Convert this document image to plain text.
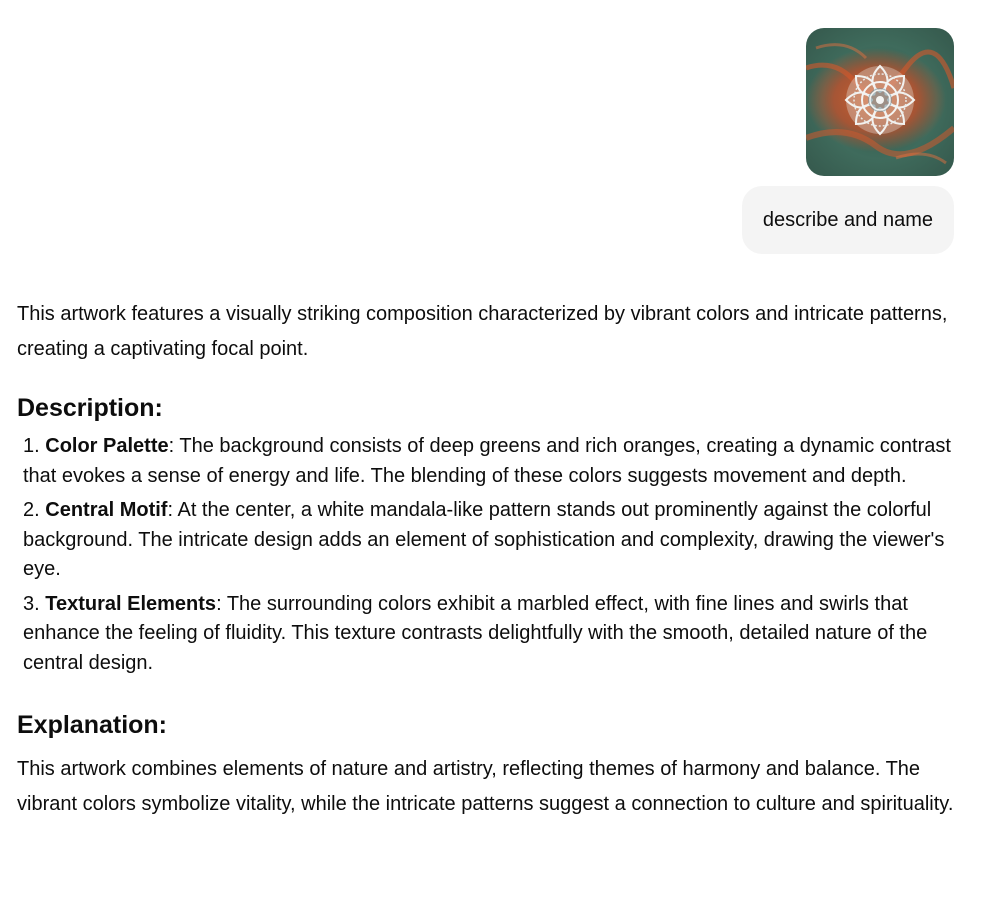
describe and name

This artwork features a visually striking composition characterized by vibrant colors and intricate patterns, creating a captivating focal point.

Description:
1. Color Palette: The background consists of deep greens and rich oranges, creating a dynamic contrast that evokes a sense of energy and life. The blending of these colors suggests movement and depth.
2. Central Motif: At the center, a white mandala-like pattern stands out prominently against the colorful background. The intricate design adds an element of sophistication and complexity, drawing the viewer's eye.
3. Textural Elements: The surrounding colors exhibit a marbled effect, with fine lines and swirls that enhance the feeling of fluidity. This texture contrasts delightfully with the smooth, detailed nature of the central design.
Explanation:

This artwork combines elements of nature and artistry, reflecting themes of harmony and balance. The vibrant colors symbolize vitality, while the intricate patterns suggest a connection to culture and spirituality.
